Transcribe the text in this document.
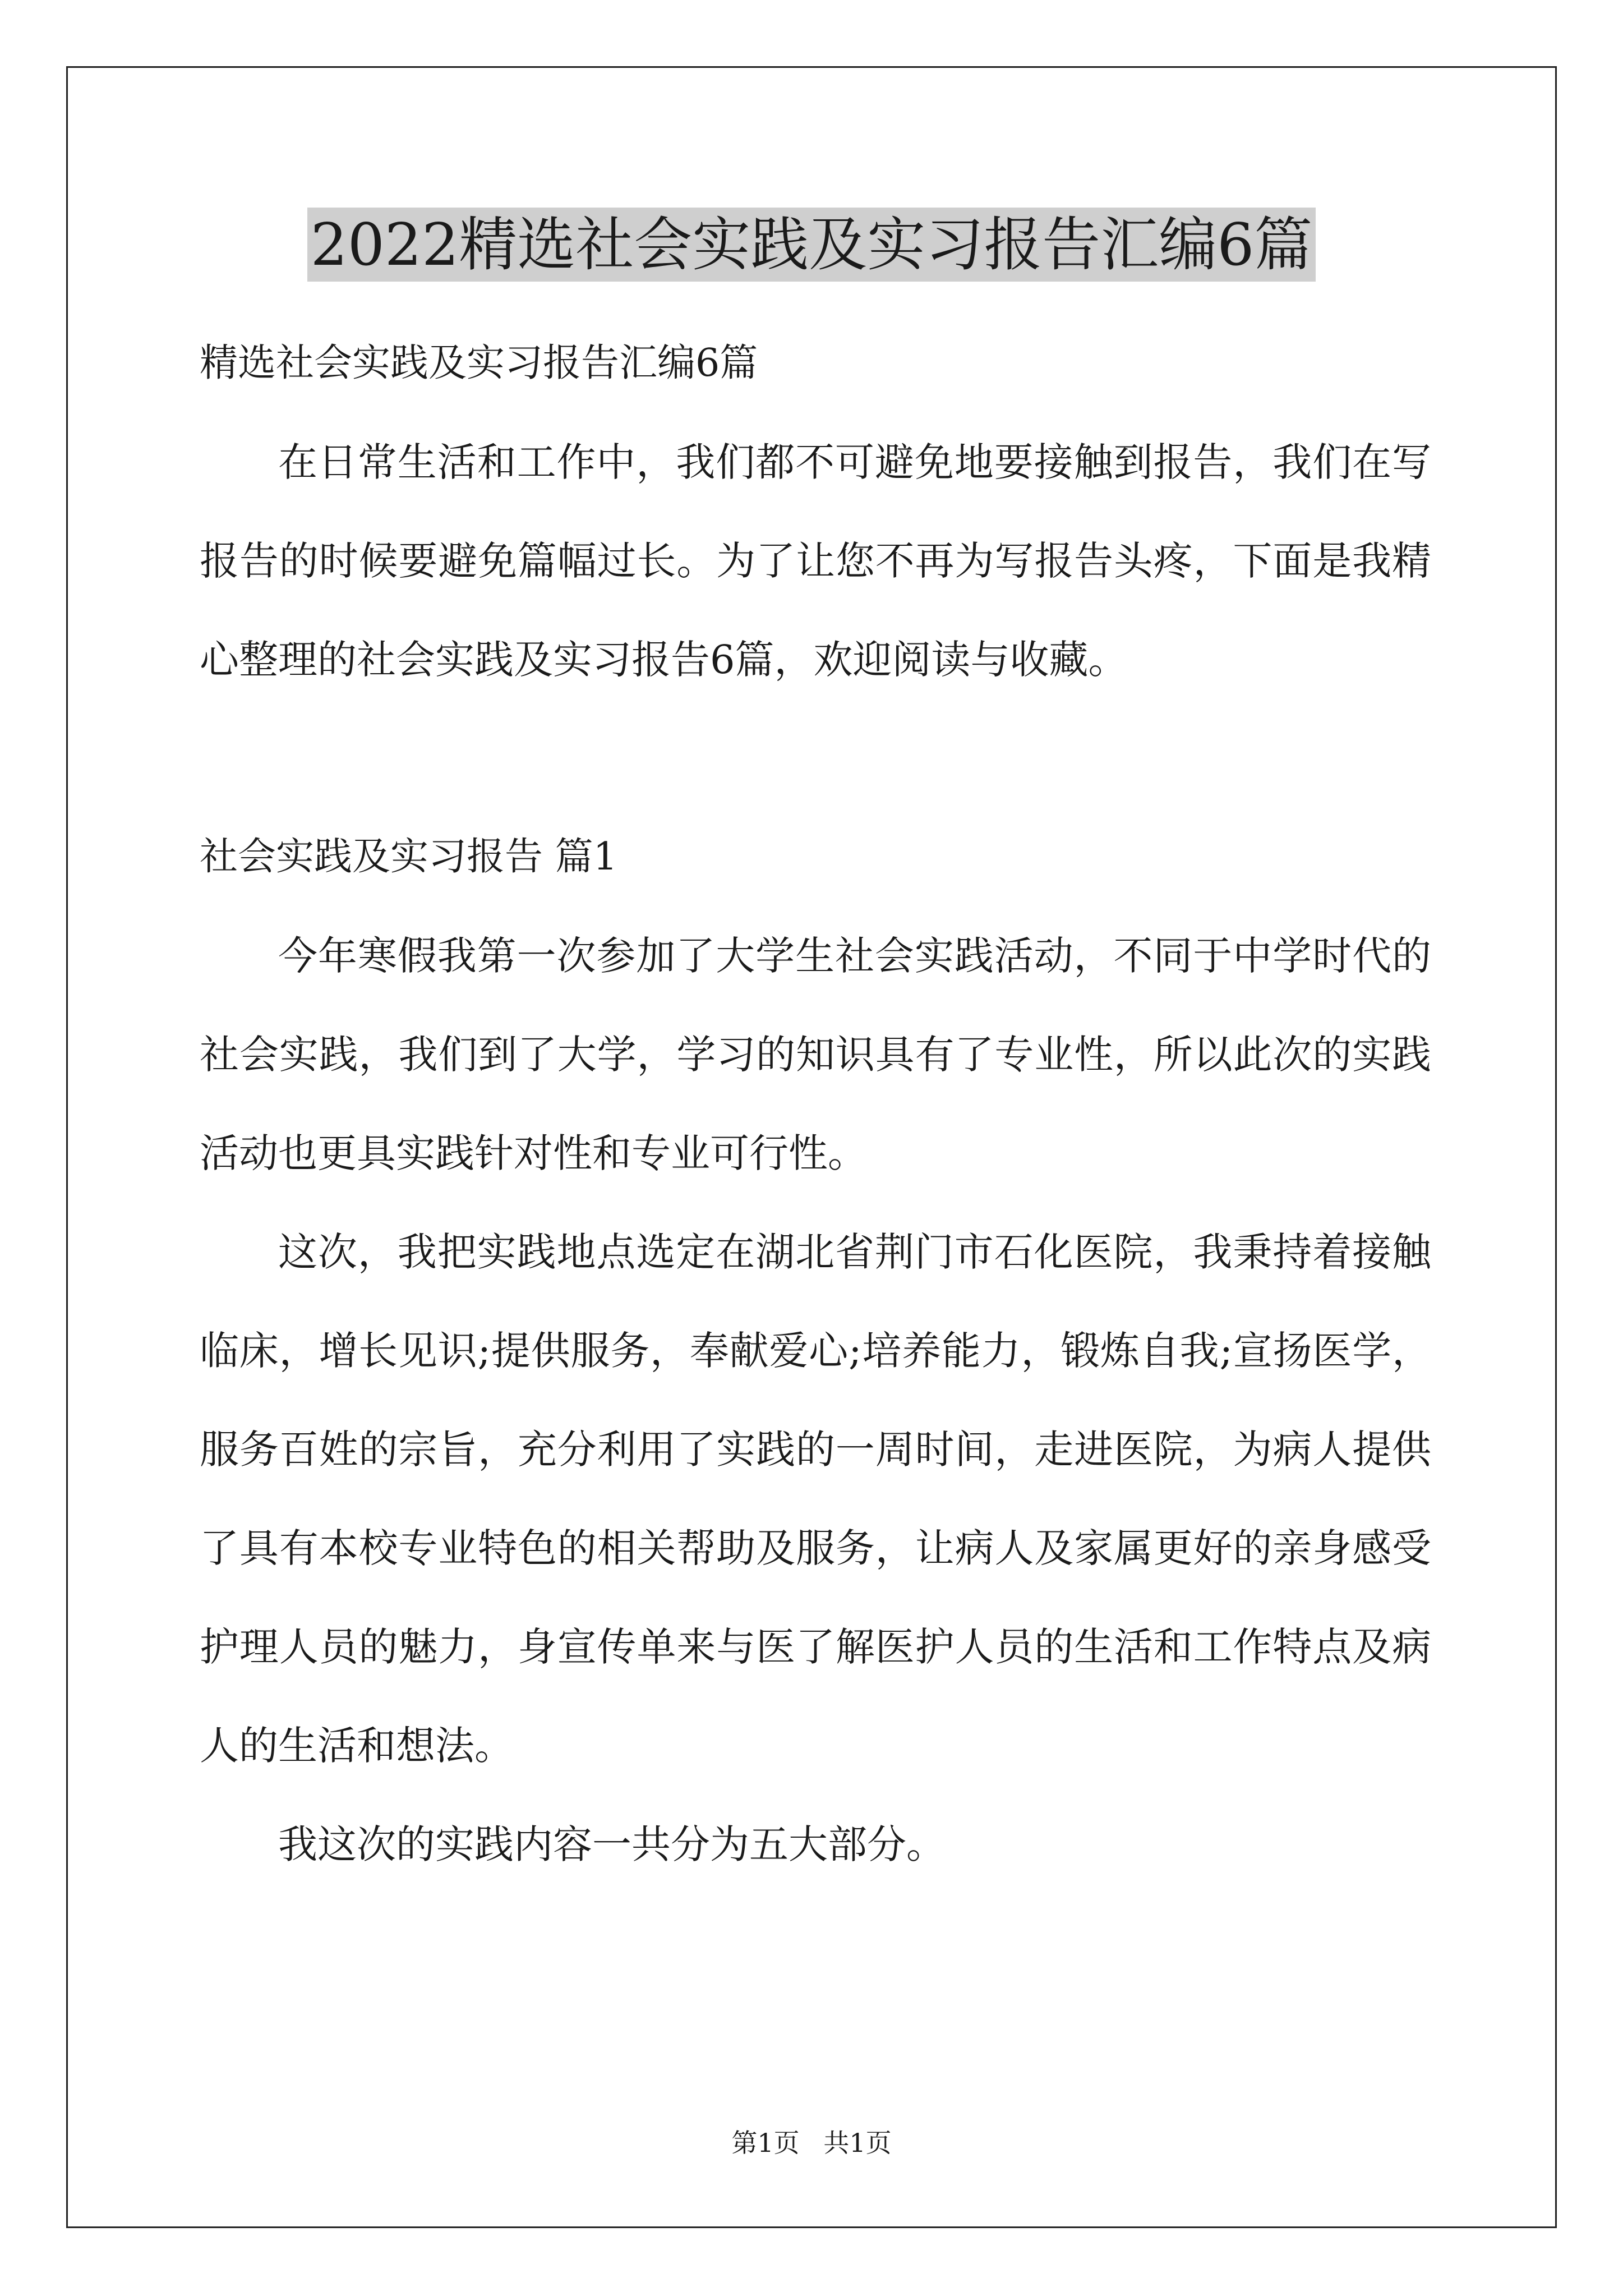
2022精选社会实践及实习报告汇编6篇

精选社会实践及实习报告汇编6篇

在日常生活和工作中，我们都不可避免地要接触到报告，我们在写报告的时候要避免篇幅过长。为了让您不再为写报告头疼，下面是我精心整理的社会实践及实习报告6篇，欢迎阅读与收藏。

社会实践及实习报告 篇1

今年寒假我第一次参加了大学生社会实践活动，不同于中学时代的社会实践，我们到了大学，学习的知识具有了专业性，所以此次的实践活动也更具实践针对性和专业可行性。

这次，我把实践地点选定在湖北省荆门市石化医院，我秉持着接触临床，增长见识;提供服务，奉献爱心;培养能力，锻炼自我;宣扬医学，服务百姓的宗旨，充分利用了实践的一周时间，走进医院，为病人提供了具有本校专业特色的相关帮助及服务，让病人及家属更好的亲身感受护理人员的魅力，身宣传单来与医了解医护人员的生活和工作特点及病人的生活和想法。

我这次的实践内容一共分为五大部分。

第1页 共1页
